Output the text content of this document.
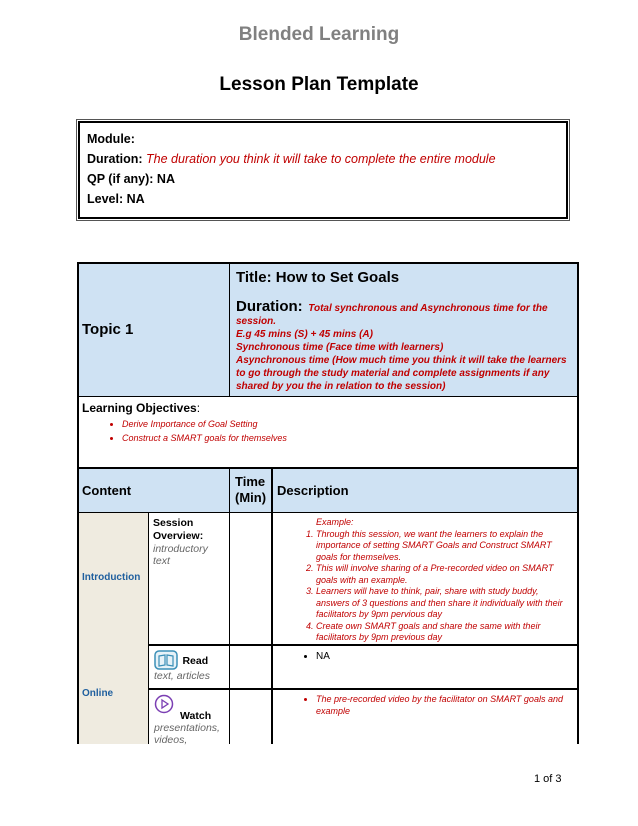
Blended Learning
Lesson Plan Template
Module:
Duration: The duration you think it will take to complete the entire module
QP (if any): NA
Level: NA
Topic 1
Title: How to Set Goals
Duration: Total synchronous and Asynchronous time for the session.
E.g 45 mins (S) + 45 mins (A)
Synchronous time (Face time with learners)
Asynchronous time (How much time you think it will take the learners to go through the study material and complete assignments if any shared by you the in relation to the session)
Learning Objectives:
• Derive Importance of Goal Setting
• Construct a SMART goals for themselves
Content
Time (Min) Description
Introduction
Session Overview:
introductory text
Example:
1. Through this session, we want the learners to explain the importance of setting SMART Goals and Construct SMART goals for themselves.
2. This will involve sharing of a Pre-recorded video on SMART goals with an example.
3. Learners will have to think, pair, share with study buddy, answers of 3 questions and then share it individually with their facilitators by 9pm pervious day
4. Create own SMART goals and share the same with their facilitators by 9pm previous day
Online
Read
text, articles
Watch
presentations, videos,
• NA
• The pre-recorded video by the facilitator on SMART goals and example
1 of 3
